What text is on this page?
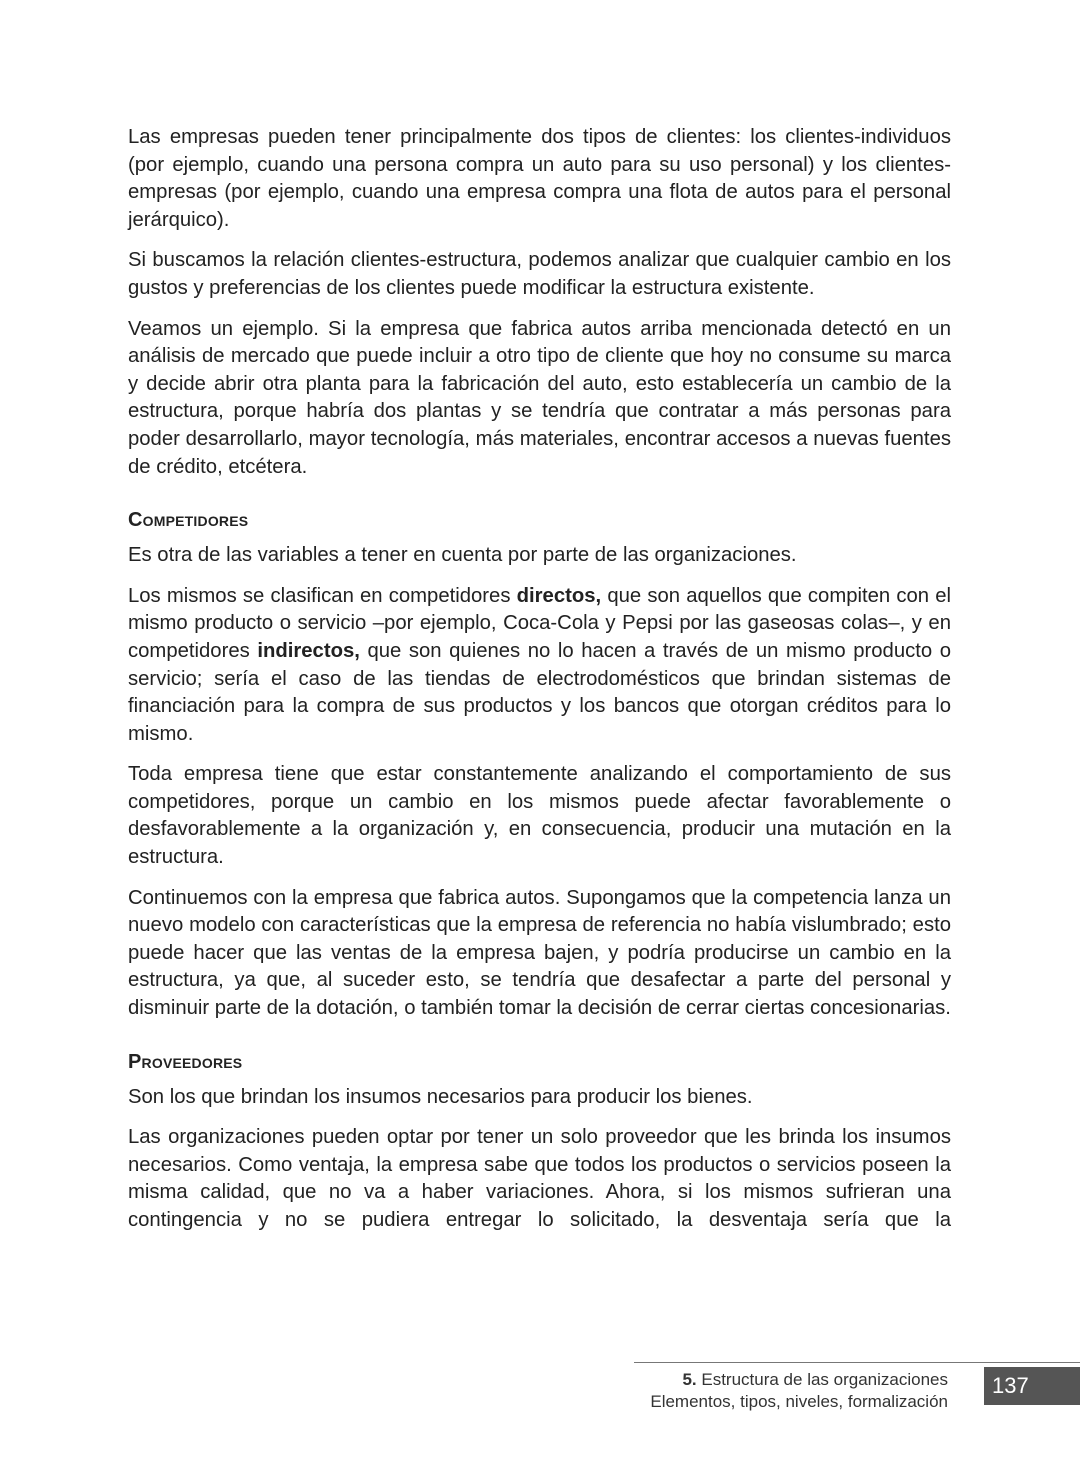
Las empresas pueden tener principalmente dos tipos de clientes: los clientes-individuos (por ejemplo, cuando una persona compra un auto para su uso personal) y los clientes-empresas (por ejemplo, cuando una empresa compra una flota de autos para el personal jerárquico).

Si buscamos la relación clientes-estructura, podemos analizar que cualquier cambio en los gustos y preferencias de los clientes puede modificar la estructura existente.

Veamos un ejemplo. Si la empresa que fabrica autos arriba mencionada detectó en un análisis de mercado que puede incluir a otro tipo de cliente que hoy no consume su marca y decide abrir otra planta para la fabricación del auto, esto establecería un cambio de la estructura, porque habría dos plantas y se tendría que contratar a más personas para poder desarrollarlo, mayor tecnología, más materiales, encontrar accesos a nuevas fuentes de crédito, etcétera.

Competidores

Es otra de las variables a tener en cuenta por parte de las organizaciones.

Los mismos se clasifican en competidores directos, que son aquellos que compiten con el mismo producto o servicio –por ejemplo, Coca-Cola y Pepsi por las gaseosas colas–, y en competidores indirectos, que son quienes no lo hacen a través de un mismo producto o servicio; sería el caso de las tiendas de electrodomésticos que brindan sistemas de financiación para la compra de sus productos y los bancos que otorgan créditos para lo mismo.

Toda empresa tiene que estar constantemente analizando el comportamiento de sus competidores, porque un cambio en los mismos puede afectar favorablemente o desfavorablemente a la organización y, en consecuencia, producir una mutación en la estructura.

Continuemos con la empresa que fabrica autos. Supongamos que la competencia lanza un nuevo modelo con características que la empresa de referencia no había vislumbrado; esto puede hacer que las ventas de la empresa bajen, y podría producirse un cambio en la estructura, ya que, al suceder esto, se tendría que desafectar a parte del personal y disminuir parte de la dotación, o también tomar la decisión de cerrar ciertas concesionarias.

Proveedores

Son los que brindan los insumos necesarios para producir los bienes.

Las organizaciones pueden optar por tener un solo proveedor que les brinda los insumos necesarios. Como ventaja, la empresa sabe que todos los productos o servicios poseen la misma calidad, que no va a haber variaciones. Ahora, si los mismos sufrieran una contingencia y no se pudiera entregar lo solicitado, la desventaja sería que la

5. Estructura de las organizaciones
Elementos, tipos, niveles, formalización
137
